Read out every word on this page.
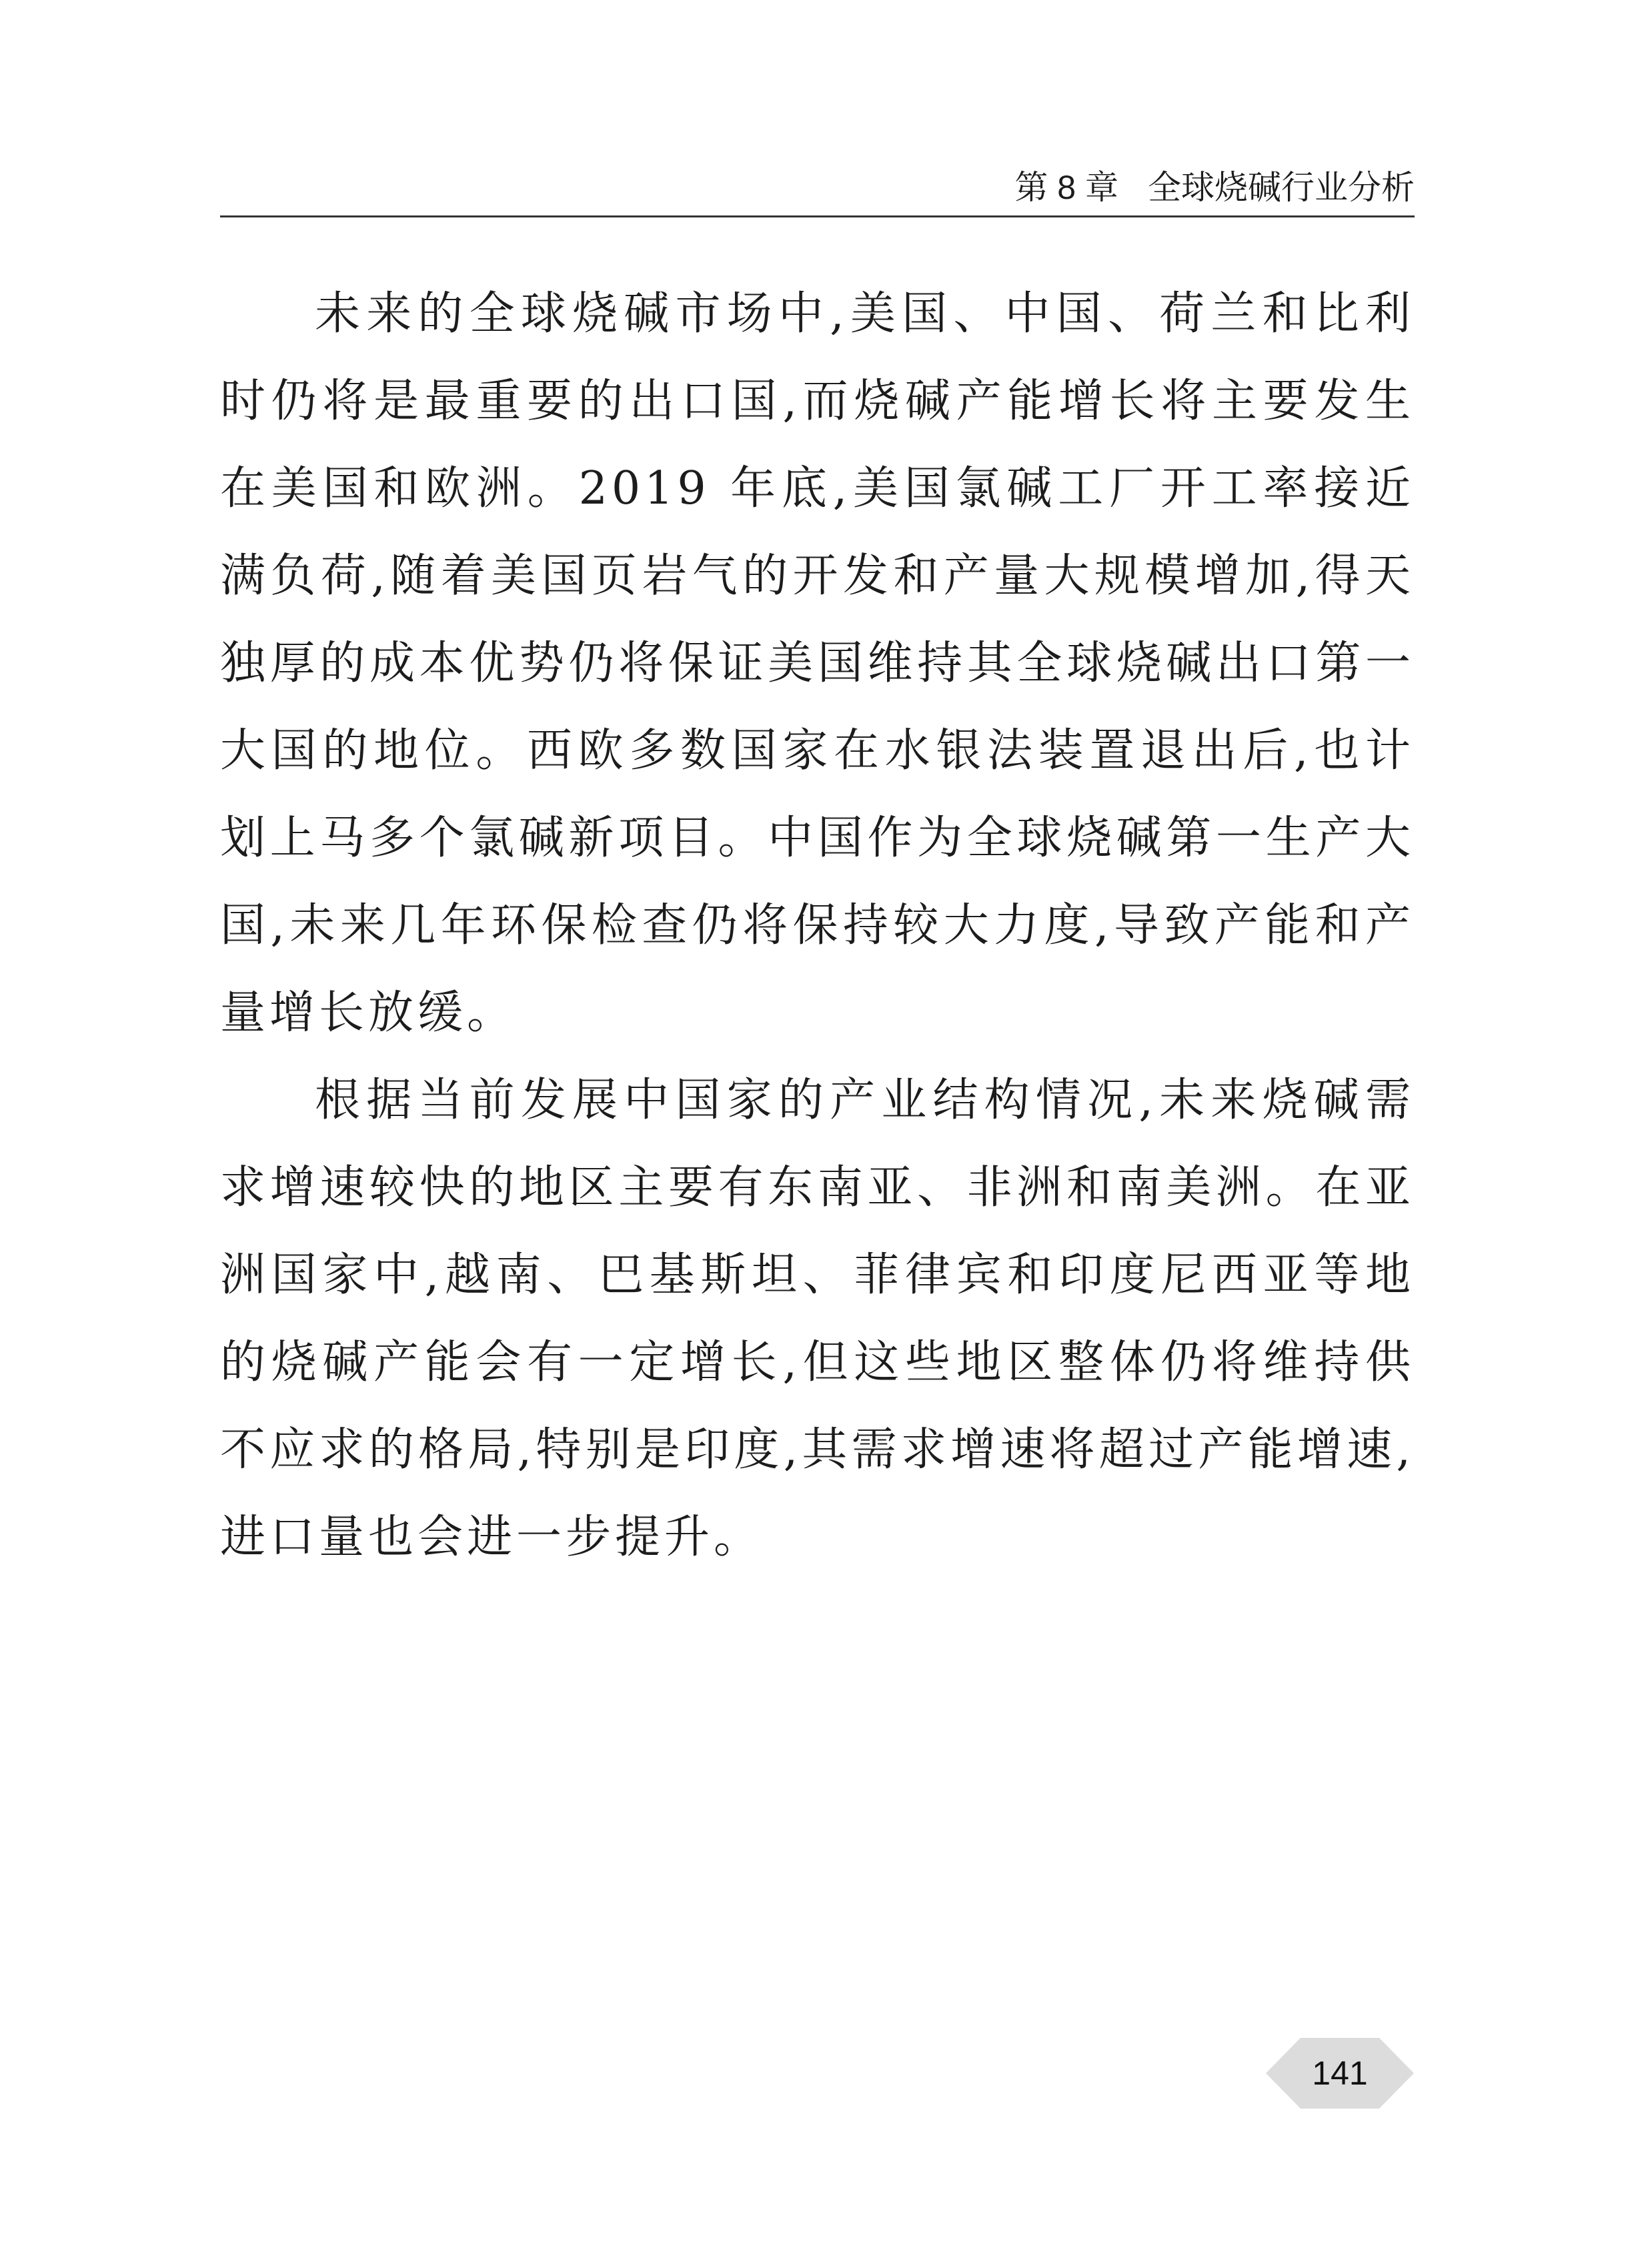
第 8 章 全球烧碱行业分析

未来的全球烧碱市场中,美国、中国、荷兰和比利时仍将是最重要的出口国,而烧碱产能增长将主要发生在美国和欧洲。2019 年底,美国氯碱工厂开工率接近满负荷,随着美国页岩气的开发和产量大规模增加,得天独厚的成本优势仍将保证美国维持其全球烧碱出口第一大国的地位。西欧多数国家在水银法装置退出后,也计划上马多个氯碱新项目。中国作为全球烧碱第一生产大国,未来几年环保检查仍将保持较大力度,导致产能和产量增长放缓。

根据当前发展中国家的产业结构情况,未来烧碱需求增速较快的地区主要有东南亚、非洲和南美洲。在亚洲国家中,越南、巴基斯坦、菲律宾和印度尼西亚等地的烧碱产能会有一定增长,但这些地区整体仍将维持供不应求的格局,特别是印度,其需求增速将超过产能增速,进口量也会进一步提升。

141
